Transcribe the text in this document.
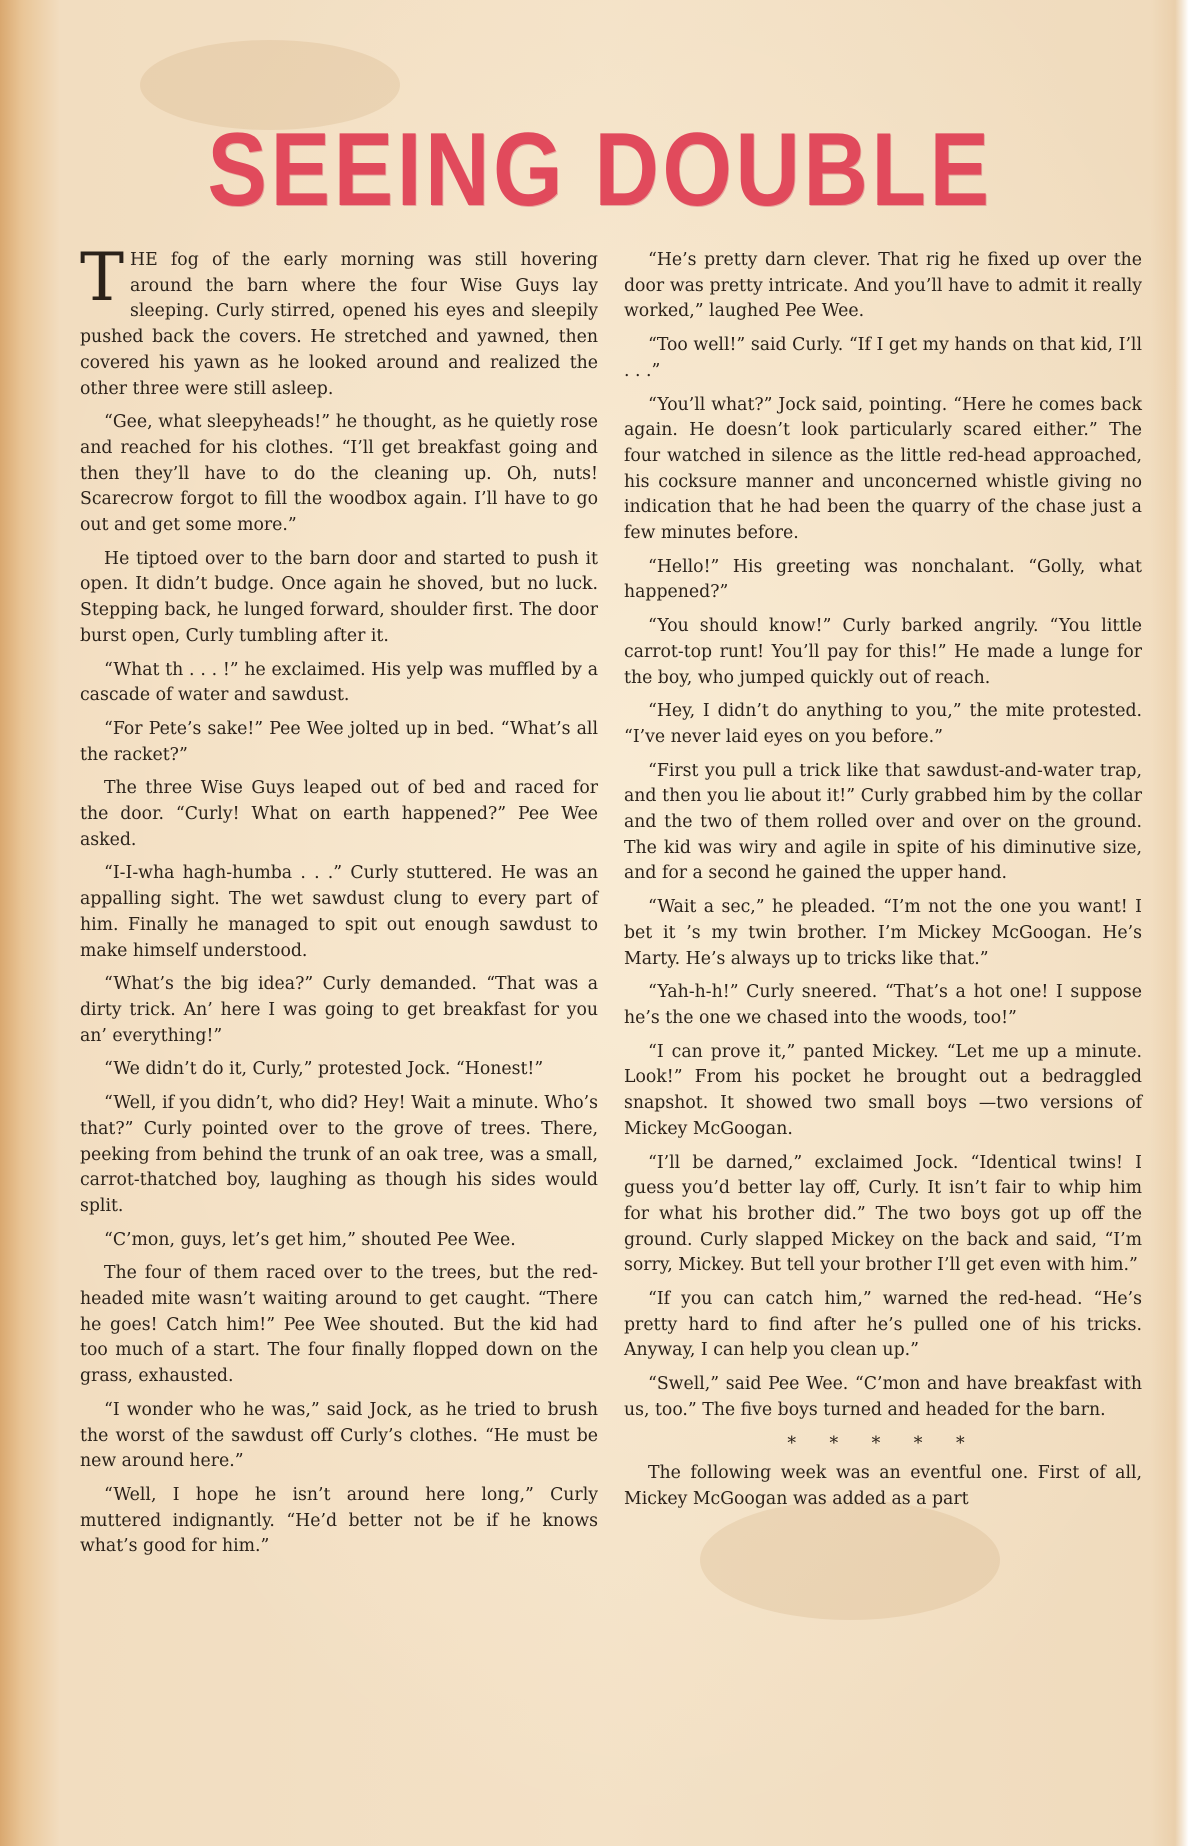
SEEING DOUBLE

THE fog of the early morning was still hovering around the barn where the four Wise Guys lay sleeping. Curly stirred, opened his eyes and sleepily pushed back the covers. He stretched and yawned, then covered his yawn as he looked around and realized the other three were still asleep.

“Gee, what sleepyheads!” he thought, as he quietly rose and reached for his clothes. “I’ll get breakfast going and then they’ll have to do the cleaning up. Oh, nuts! Scarecrow forgot to fill the woodbox again. I’ll have to go out and get some more.”

He tiptoed over to the barn door and started to push it open. It didn’t budge. Once again he shoved, but no luck. Stepping back, he lunged forward, shoulder first. The door burst open, Curly tumbling after it.

“What th . . . !” he exclaimed. His yelp was muffled by a cascade of water and sawdust.

“For Pete’s sake!” Pee Wee jolted up in bed. “What’s all the racket?”

The three Wise Guys leaped out of bed and raced for the door. “Curly! What on earth happened?” Pee Wee asked.

“I-I-wha hagh-humba . . .” Curly stuttered. He was an appalling sight. The wet sawdust clung to every part of him. Finally he managed to spit out enough sawdust to make himself understood.

“What’s the big idea?” Curly demanded. “That was a dirty trick. An’ here I was going to get breakfast for you an’ everything!”

“We didn’t do it, Curly,” protested Jock. “Honest!”

“Well, if you didn’t, who did? Hey! Wait a minute. Who’s that?” Curly pointed over to the grove of trees. There, peeking from behind the trunk of an oak tree, was a small, carrot-thatched boy, laughing as though his sides would split.

“C’mon, guys, let’s get him,” shouted Pee Wee.

The four of them raced over to the trees, but the red-headed mite wasn’t waiting around to get caught. “There he goes! Catch him!” Pee Wee shouted. But the kid had too much of a start. The four finally flopped down on the grass, exhausted.

“I wonder who he was,” said Jock, as he tried to brush the worst of the sawdust off Curly’s clothes. “He must be new around here.”

“Well, I hope he isn’t around here long,” Curly muttered indignantly. “He’d better not be if he knows what’s good for him.”

“He’s pretty darn clever. That rig he fixed up over the door was pretty intricate. And you’ll have to admit it really worked,” laughed Pee Wee.

“Too well!” said Curly. “If I get my hands on that kid, I’ll . . .”

“You’ll what?” Jock said, pointing. “Here he comes back again. He doesn’t look particularly scared either.” The four watched in silence as the little red-head approached, his cocksure manner and unconcerned whistle giving no indication that he had been the quarry of the chase just a few minutes before.

“Hello!” His greeting was nonchalant. “Golly, what happened?”

“You should know!” Curly barked angrily. “You little carrot-top runt! You’ll pay for this!” He made a lunge for the boy, who jumped quickly out of reach.

“Hey, I didn’t do anything to you,” the mite protested. “I’ve never laid eyes on you before.”

“First you pull a trick like that sawdust-and-water trap, and then you lie about it!” Curly grabbed him by the collar and the two of them rolled over and over on the ground. The kid was wiry and agile in spite of his diminutive size, and for a second he gained the upper hand.

“Wait a sec,” he pleaded. “I’m not the one you want! I bet it ’s my twin brother. I’m Mickey McGoogan. He’s Marty. He’s always up to tricks like that.”

“Yah-h-h!” Curly sneered. “That’s a hot one! I suppose he’s the one we chased into the woods, too!”

“I can prove it,” panted Mickey. “Let me up a minute. Look!” From his pocket he brought out a bedraggled snapshot. It showed two small boys —two versions of Mickey McGoogan.

“I’ll be darned,” exclaimed Jock. “Identical twins! I guess you’d better lay off, Curly. It isn’t fair to whip him for what his brother did.” The two boys got up off the ground. Curly slapped Mickey on the back and said, “I’m sorry, Mickey. But tell your brother I’ll get even with him.”

“If you can catch him,” warned the red-head. “He’s pretty hard to find after he’s pulled one of his tricks. Anyway, I can help you clean up.”

“Swell,” said Pee Wee. “C’mon and have breakfast with us, too.” The five boys turned and headed for the barn.

* * * * *

The following week was an eventful one. First of all, Mickey McGoogan was added as a part
